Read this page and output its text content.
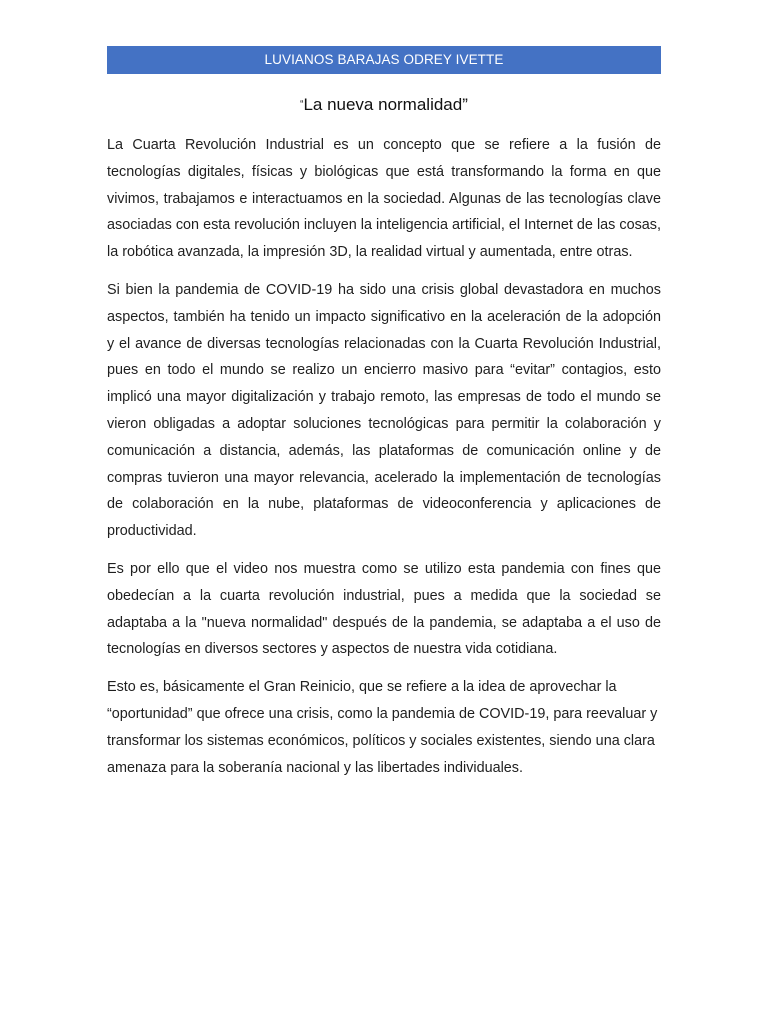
LUVIANOS BARAJAS ODREY IVETTE
“La nueva normalidad”

La Cuarta Revolución Industrial es un concepto que se refiere a la fusión de tecnologías digitales, físicas y biológicas que está transformando la forma en que vivimos, trabajamos e interactuamos en la sociedad. Algunas de las tecnologías clave asociadas con esta revolución incluyen la inteligencia artificial, el Internet de las cosas, la robótica avanzada, la impresión 3D, la realidad virtual y aumentada, entre otras.

Si bien la pandemia de COVID-19 ha sido una crisis global devastadora en muchos aspectos, también ha tenido un impacto significativo en la aceleración de la adopción y el avance de diversas tecnologías relacionadas con la Cuarta Revolución Industrial, pues en todo el mundo se realizo un encierro masivo para “evitar” contagios, esto implicó una mayor digitalización y trabajo remoto, las empresas de todo el mundo se vieron obligadas a adoptar soluciones tecnológicas para permitir la colaboración y comunicación a distancia, además, las plataformas de comunicación online y de compras tuvieron una mayor relevancia, acelerado la implementación de tecnologías de colaboración en la nube, plataformas de videoconferencia y aplicaciones de productividad.

Es por ello que el video nos muestra como se utilizo esta pandemia con fines que obedecían a la cuarta revolución industrial, pues a medida que la sociedad se adaptaba a la "nueva normalidad" después de la pandemia, se adaptaba a el uso de tecnologías en diversos sectores y aspectos de nuestra vida cotidiana.

Esto es, básicamente el Gran Reinicio, que se refiere a la idea de aprovechar la “oportunidad” que ofrece una crisis, como la pandemia de COVID-19, para reevaluar y transformar los sistemas económicos, políticos y sociales existentes, siendo una clara amenaza para la soberanía nacional y las libertades individuales.
